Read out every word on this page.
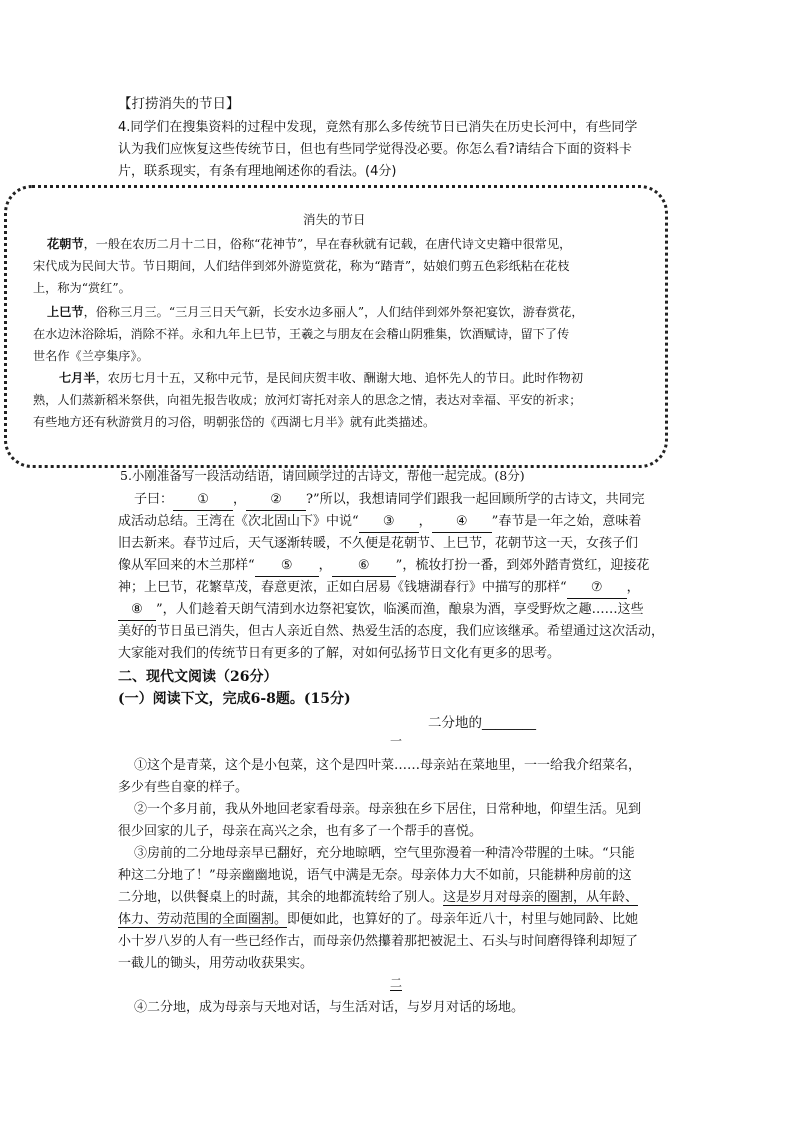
【打捞消失的节日】
4.同学们在搜集资料的过程中发现，竟然有那么多传统节日已消失在历史长河中，有些同学
认为我们应恢复这些传统节日，但也有些同学觉得没必要。你怎么看?请结合下面的资料卡
片，联系现实，有条有理地阐述你的看法。(4分)
5.小刚准备写一段活动结语，请回顾学过的古诗文，帮他一起完成。(8分)
消失的节日
花朝节，一般在农历二月十二日，俗称“花神节”，早在春秋就有记载，在唐代诗文史籍中很常见，
宋代成为民间大节。节日期间，人们结伴到郊外游览赏花，称为“踏青”，姑娘们剪五色彩纸粘在花枝
上，称为“赏红”。
上巳节，俗称三月三。“三月三日天气新，长安水边多丽人”，人们结伴到郊外祭祀宴饮，游春赏花，
在水边沐浴除垢，消除不祥。永和九年上巳节，王羲之与朋友在会稽山阴雅集，饮酒赋诗，留下了传
世名作《兰亭集序》。
七月半，农历七月十五，又称中元节，是民间庆贺丰收、酬谢大地、追怀先人的节日。此时作物初
熟，人们蒸新稻米祭供，向祖先报告收成；放河灯寄托对亲人的思念之情，表达对幸福、平安的祈求；
有些地方还有秋游赏月的习俗，明朝张岱的《西湖七月半》就有此类描述。
子曰： ① ， ② ?”所以，我想请同学们跟我一起回顾所学的古诗文，共同完
成活动总结。王湾在《次北固山下》中说“ ③ ， ④ ”春节是一年之始，意味着
旧去新来。春节过后，天气逐渐转暖，不久便是花朝节、上巳节，花朝节这一天，女孩子们
像从军回来的木兰那样“ ⑤ ， ⑥ ”，梳妆打扮一番，到郊外踏青赏红，迎接花
神；上巳节，花繁草茂，春意更浓，正如白居易《钱塘湖春行》中描写的那样“ ⑦ ，
⑧ ”，人们趁着天朗气清到水边祭祀宴饮，临溪而渔，酿泉为酒，享受野炊之趣……这些
美好的节日虽已消失，但古人亲近自然、热爱生活的态度，我们应该继承。希望通过这次活动，
大家能对我们的传统节日有更多的了解，对如何弘扬节日文化有更多的思考。
二、现代文阅读（26分）
(一）阅读下文，完成6-8题。(15分)
二分地的________
一
①这个是青菜，这个是小包菜，这个是四叶菜……母亲站在菜地里，一一给我介绍菜名，
多少有些自豪的样子。
②一个多月前，我从外地回老家看母亲。母亲独在乡下居住，日常种地，仰望生活。见到
很少回家的儿子，母亲在高兴之余，也有多了一个帮手的喜悦。
③房前的二分地母亲早已翻好，充分地晾晒，空气里弥漫着一种清冷带腥的土味。“只能
种这二分地了！”母亲幽幽地说，语气中满是无奈。母亲体力大不如前，只能耕种房前的这
二分地，以供餐桌上的时蔬，其余的地都流转给了别人。这是岁月对母亲的圈割，从年龄、
体力、劳动范围的全面圈割。即便如此，也算好的了。母亲年近八十，村里与她同龄、比她
小十岁八岁的人有一些已经作古，而母亲仍然攥着那把被泥土、石头与时间磨得锋利却短了
一截儿的锄头，用劳动收获果实。
二
④二分地，成为母亲与天地对话，与生活对话，与岁月对话的场地。
